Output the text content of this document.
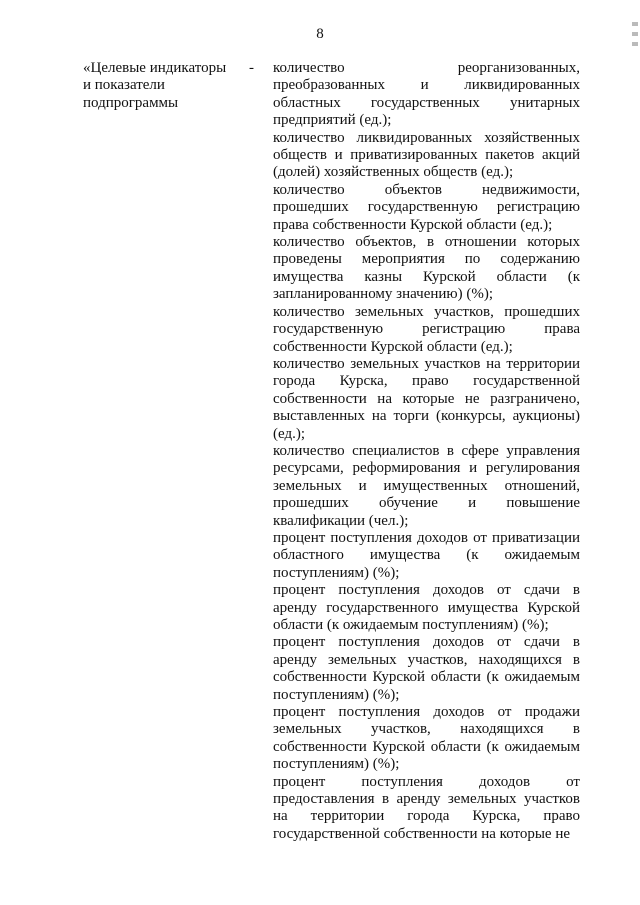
8
«Целевые индикаторы
и показатели
подпрограммы
- количество реорганизованных, преобразованных и ликвидированных областных государственных унитарных предприятий (ед.);

количество ликвидированных хозяйственных обществ и приватизированных пакетов акций (долей) хозяйственных обществ (ед.);

количество объектов недвижимости, прошедших государственную регистрацию права собственности Курской области (ед.);

количество объектов, в отношении которых проведены мероприятия по содержанию имущества казны Курской области (к запланированному значению) (%);

количество земельных участков, прошедших государственную регистрацию права собственности Курской области (ед.);

количество земельных участков на территории города Курска, право государственной собственности на которые не разграничено, выставленных на торги (конкурсы, аукционы) (ед.);

количество специалистов в сфере управления ресурсами, реформирования и регулирования земельных и имущественных отношений, прошедших обучение и повышение квалификации (чел.);

процент поступления доходов от приватизации областного имущества (к ожидаемым поступлениям) (%);

процент поступления доходов от сдачи в аренду государственного имущества Курской области (к ожидаемым поступлениям) (%);

процент поступления доходов от сдачи в аренду земельных участков, находящихся в собственности Курской области (к ожидаемым поступлениям) (%);

процент поступления доходов от продажи земельных участков, находящихся в собственности Курской области (к ожидаемым поступлениям) (%);

процент поступления доходов от предоставления в аренду земельных участков на территории города Курска, право государственной собственности на которые не
